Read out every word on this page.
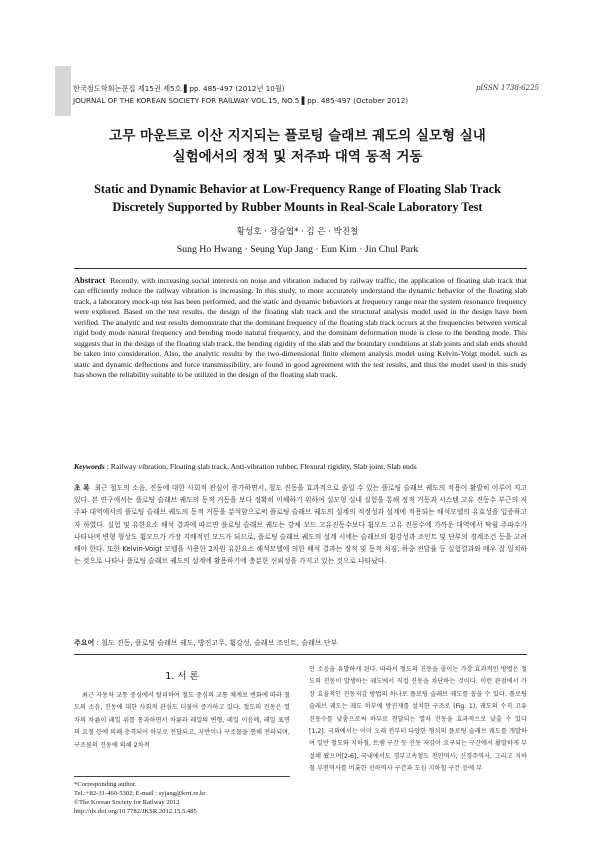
한국철도학회논문집 제15권 제5호 ▌pp. 485-497 (2012년 10월)
JOURNAL OF THE KOREAN SOCIETY FOR RAILWAY VOL.15, NO.5 ▌pp. 485-497 (October 2012)
pISSN 1738-6225
고무 마운트로 이산 지지되는 플로팅 슬래브 궤도의 실모형 실내
실험에서의 정적 및 저주파 대역 동적 거동
Static and Dynamic Behavior at Low-Frequency Range of Floating Slab Track
Discretely Supported by Rubber Mounts in Real-Scale Laboratory Test
황성호 · 장승엽* · 김 은 · 박진철
Sung Ho Hwang · Seung Yup Jang · Eun Kim · Jin Chul Park
Abstract Recently, with increasing social interests on noise and vibration induced by railway traffic, the application of floating slab track that can efficiently reduce the railway vibration is increasing. In this study, to more accurately understand the dynamic behavior of the floating slab track, a laboratory mock-up test has been performed, and the static and dynamic behaviors at frequency range near the system resonance frequency were explored. Based on the test results, the design of the floating slab track and the structural analysis model used in the design have been verified. The analytic and test results demonstrate that the dominant frequency of the floating slab track occurs at the frequencies between vertical rigid body mode natural frequency and bending mode natural frequency, and the dominant deformation mode is close to the bending mode. This suggests that in the design of the floating slab track, the bending rigidity of the slab and the boundary conditions at slab joints and slab ends should be taken into consideration. Also, the analytic results by the two-dimensional finite element analysis model using Kelvin-Voigt model, such as static and dynamic deflections and force transmissibility, are found in good agreement with the test results, and thus the model used in this study has shown the reliability suitable to be utilized in the design of the floating slab track.
Keywords : Railway vibration, Floating slab track, Anti-vibration rubber, Flexural rigidity, Slab joint, Slab ends
초 록 최근 철도의 소음, 진동에 대한 사회적 관심이 증가하면서, 철도 진동을 효과적으로 줄일 수 있는 플로팅 슬래브 궤도의 적용이 활발히 이루어 지고 있다. 본 연구에서는 플로팅 슬래브 궤도의 동적 거동을 보다 정확히 이해하기 위하여 실모형 실내 실험을 통해 정적 거동과 시스템 고유 진동수 부근의 저주파 대역에서의 플로팅 슬래브 궤도의 동적 거동을 분석함으로써 플로팅 슬래브 궤도의 설계의 적정성과 설계에 적용되는 해석모델의 유효성을 입증하고자 하였다. 실험 및 유한요소 해석 결과에 따르면 플로팅 슬래브 궤도는 강체 모드 고유진동수보다 휨모드 고유 진동수에 가까운 대역에서 탁월 주파수가 나타나며 변형 형상도 휨모드가 가장 지배적인 모드가 되므로, 플로팅 슬래브 궤도의 설계 시에는 슬래브의 휨강성과 조인트 및 단부의 경계조건 등을 고려해야 한다. 또한 Kelvin-Voigt 모델을 사용한 2차원 유한요소 해석모델에 의한 해석 결과는 정적 및 동적 처짐, 하중 전달률 등 실험결과와 매우 잘 일치하는 것으로 나타나 플로팅 슬래브 궤도의 설계에 활용하기에 충분한 신뢰성을 가지고 있는 것으로 나타났다.
주요어 : 철도 진동, 플로팅 슬래브 궤도, 방진고무, 휨강성, 슬래브 조인트, 슬래브 단부
1. 서 론

최근 자동차 교통 중심에서 탈피하여 철도 중심의 교통 체계로 변화에 따라 철도의 소음, 진동에 대한 사회적 관심도 더불어 증가하고 있다. 철도의 진동은 열차의 차륜이 레일 위를 통과하면서 차륜과 레일의 변형, 레일 이음매, 레일 표면의 요철 등에 의해 충격되어 하부로 전달되고, 지반이나 구조물을 통해 전파되며, 구조물의 진동에 의해 2차적

인 소음을 유발하게 된다. 따라서 철도의 진동을 줄이는 가장 효과적인 방법은 철도의 진동이 발생하는 궤도에서 직접 진동을 차단하는 것이다. 이런 관점에서 가장 효율적인 진동저감 방법의 하나로 플로팅 슬래브 궤도를 꼽을 수 있다. 플로팅 슬래브 궤도는 궤도 하부에 방진재를 설치한 구조로 (Fig. 1), 궤도의 수직 고유 진동수를 낮춤으로써 하부로 전달되는 열차 진동을 효과적으로 낮출 수 있다[1,2]. 국외에서는 이미 오래 전부터 다양한 형식의 플로팅 슬래브 궤도를 개발하여 일반 철도와 지하철, 트램 구간 등 진동 저감이 요구되는 구간에서 활발하게 부설해 왔으며[2-6], 국내에서도 경부고속철도 천안역사, 신경주역사, 그리고 지하철 부천역사를 비롯한 선하역사 구간과 도심 지하철 구간 등에 부

*Corresponding author.
Tel.:+82-31-460-5302, E-mail : syjang@krri.re.kr
©The Korean Society for Railway 2012
http://dx.doi.org/10.7782/JKSR.2012.15.5.485
